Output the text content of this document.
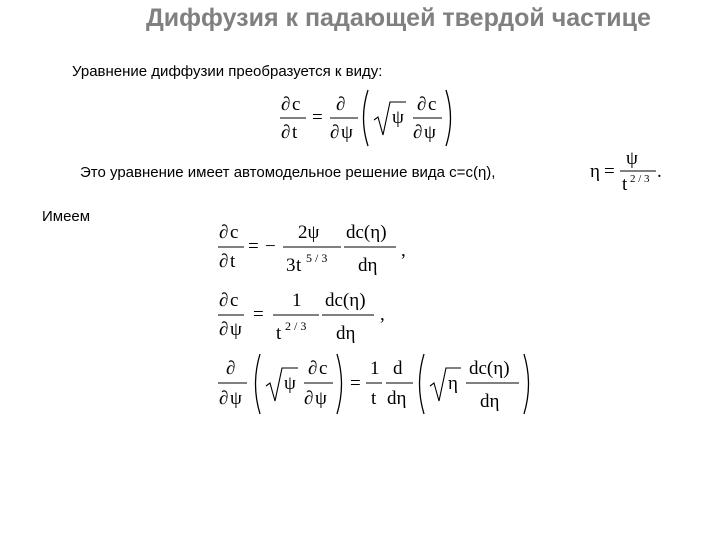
Диффузия к падающей твердой частице
Уравнение диффузии преобразуется к виду:
Это уравнение имеет автомодельное решение вида c=c(η),
Имеем
∂ c
∂ t
=
∂
∂ ψ
ψ
∂ c
∂ ψ
η =
ψ
t 2 / 3 .
∂ c
∂ t
= −
2ψ
3 t 5 / 3
dc(η)
dη
,
∂ c
∂ ψ
=
1
t 2 / 3
dc(η)
dη
,
∂
∂ ψ
ψ
∂ c
∂ ψ
=
1
t
d
dη
η
dc(η)
dη
